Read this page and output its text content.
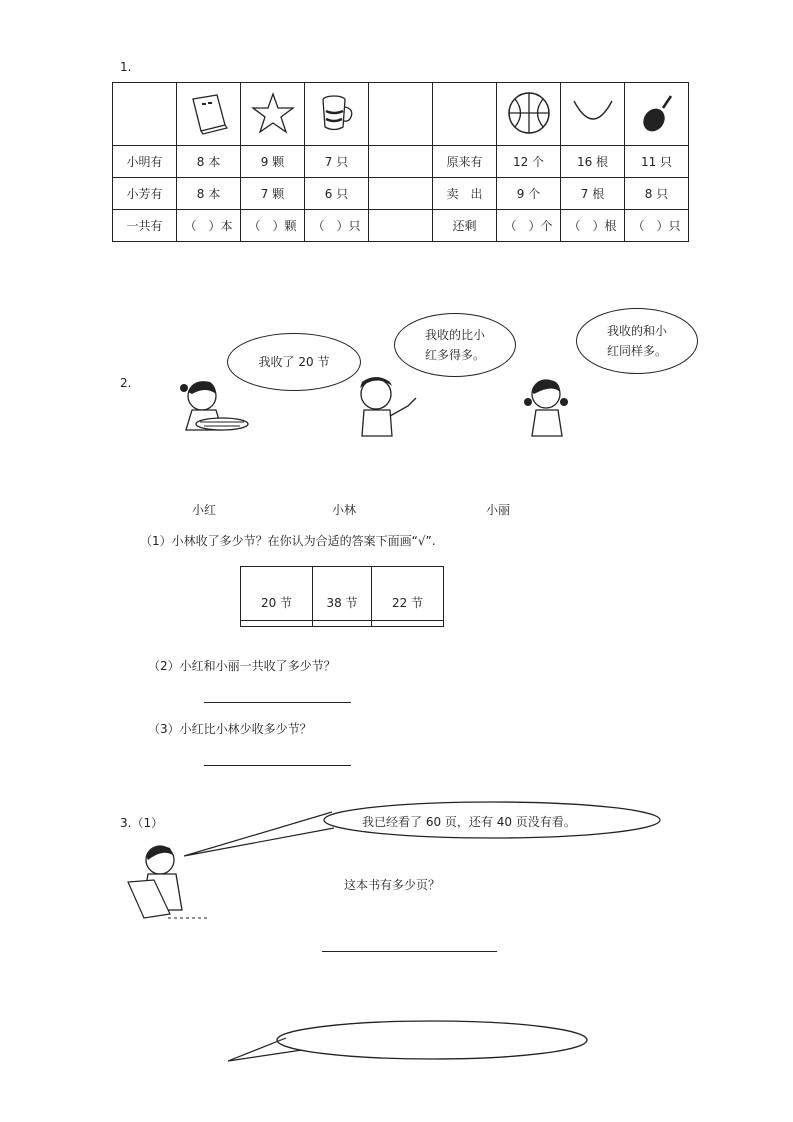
1.

小明有	8 本	9 颗	7 只		原来有	12 个	16 根	11 只
小芳有	8 本	7 颗	6 只		卖　出	9 个	7 根	8 只
一共有	（　）本	（　）颗	（　）只		还剩	（　）个	（　）根	（　）只
2.
我收了 20 节
我收的比小
红多得多。
我收的和小
红同样多。
小红	小林	小丽
（1）小林收了多少节？在你认为合适的答案下面画“√”.
20 节	38 节	22 节

（2）小红和小丽一共收了多少节？
（3）小红比小林少收多少节？
3.（1）	我已经看了 60 页，还有 40 页没有看。
这本书有多少页？
